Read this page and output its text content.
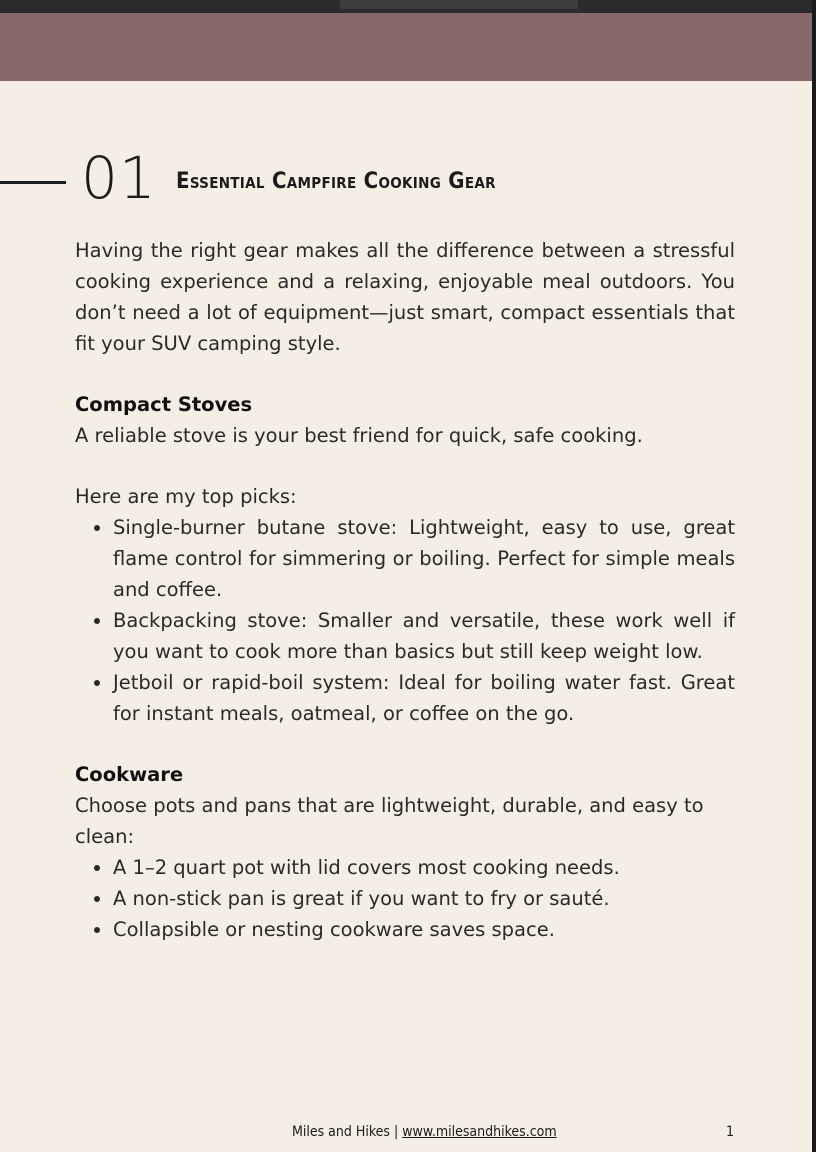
01 Essential Campfire Cooking Gear

Having the right gear makes all the difference between a stressful cooking experience and a relaxing, enjoyable meal outdoors. You don’t need a lot of equipment—just smart, compact essentials that fit your SUV camping style.

Compact Stoves

A reliable stove is your best friend for quick, safe cooking.

Here are my top picks:

• Single-burner butane stove: Lightweight, easy to use, great flame control for simmering or boiling. Perfect for simple meals and coffee.
• Backpacking stove: Smaller and versatile, these work well if you want to cook more than basics but still keep weight low.
• Jetboil or rapid-boil system: Ideal for boiling water fast. Great for instant meals, oatmeal, or coffee on the go.
Cookware

Choose pots and pans that are lightweight, durable, and easy to clean:

• A 1–2 quart pot with lid covers most cooking needs.
• A non-stick pan is great if you want to fry or sauté.
• Collapsible or nesting cookware saves space.
Miles and Hikes | www.milesandhikes.com	1
